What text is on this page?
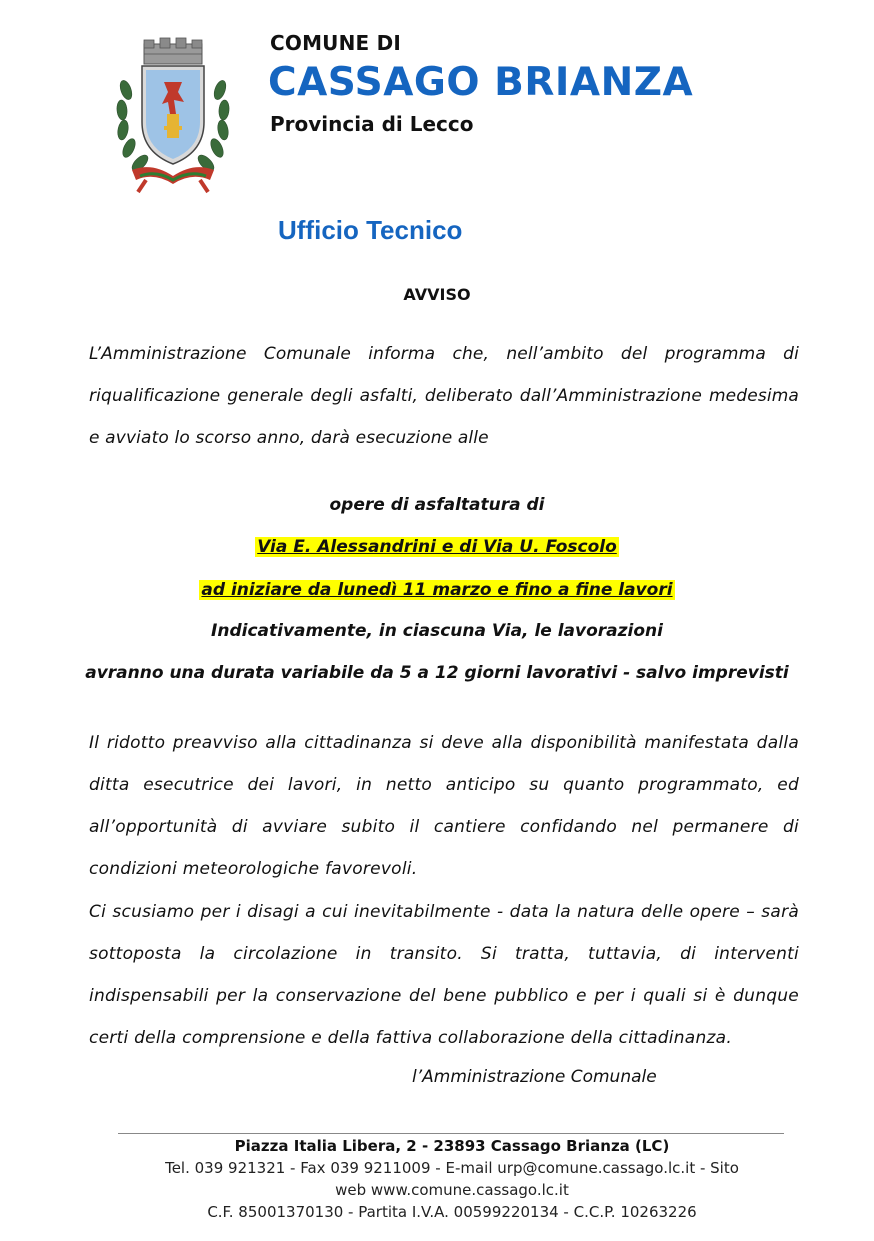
COMUNE DI
CASSAGO BRIANZA
Provincia di Lecco
Ufficio Tecnico
AVVISO
L’Amministrazione Comunale informa che, nell’ambito del programma di riqualificazione generale degli asfalti, deliberato dall’Amministrazione medesima e avviato lo scorso anno, darà esecuzione alle
opere di asfaltatura di
Via E. Alessandrini e di Via U. Foscolo
ad iniziare da lunedì 11 marzo e fino a fine lavori
Indicativamente, in ciascuna Via, le lavorazioni
avranno una durata variabile da 5 a 12 giorni lavorativi - salvo imprevisti
Il ridotto preavviso alla cittadinanza si deve alla disponibilità manifestata dalla ditta esecutrice dei lavori, in netto anticipo su quanto programmato, ed all’opportunità di avviare subito il cantiere confidando nel permanere di condizioni meteorologiche favorevoli.
Ci scusiamo per i disagi a cui inevitabilmente - data la natura delle opere – sarà sottoposta la circolazione in transito. Si tratta, tuttavia, di interventi indispensabili per la conservazione del bene pubblico e per i quali si è dunque certi della comprensione e della fattiva collaborazione della cittadinanza.
l’Amministrazione Comunale
Piazza Italia Libera, 2 - 23893 Cassago Brianza (LC)
Tel. 039 921321 - Fax 039 9211009 - E-mail urp@comune.cassago.lc.it - Sito
web www.comune.cassago.lc.it
C.F. 85001370130 - Partita I.V.A. 00599220134 - C.C.P. 10263226
